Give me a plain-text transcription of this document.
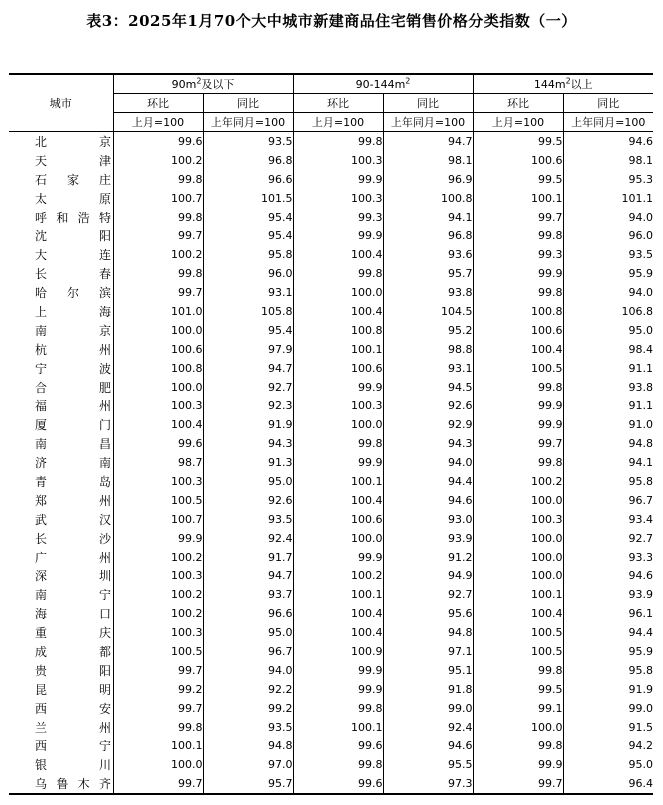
表3：2025年1月70个大中城市新建商品住宅销售价格分类指数（一）
城市	$90m^2$及以下		$90-144m^2$		$144m^2$以上	
	环比	同比	环比	同比	环比	同比
	上月=100	上年同月=100	上月=100	上年同月=100	上月=100	上年同月=100
北京	99.6	93.5	99.8	94.7	99.5	94.6
天津	100.2	96.8	100.3	98.1	100.6	98.1
石家庄	99.8	96.6	99.9	96.9	99.5	95.3
太原	100.7	101.5	100.3	100.8	100.1	101.1
呼和浩特	99.8	95.4	99.3	94.1	99.7	94.0
沈阳	99.7	95.4	99.9	96.8	99.8	96.0
大连	100.2	95.8	100.4	93.6	99.3	93.5
长春	99.8	96.0	99.8	95.7	99.9	95.9
哈尔滨	99.7	93.1	100.0	93.8	99.8	94.0
上海	101.0	105.8	100.4	104.5	100.8	106.8
南京	100.0	95.4	100.8	95.2	100.6	95.0
杭州	100.6	97.9	100.1	98.8	100.4	98.4
宁波	100.8	94.7	100.6	93.1	100.5	91.1
合肥	100.0	92.7	99.9	94.5	99.8	93.8
福州	100.3	92.3	100.3	92.6	99.9	91.1
厦门	100.4	91.9	100.0	92.9	99.9	91.0
南昌	99.6	94.3	99.8	94.3	99.7	94.8
济南	98.7	91.3	99.9	94.0	99.8	94.1
青岛	100.3	95.0	100.1	94.4	100.2	95.8
郑州	100.5	92.6	100.4	94.6	100.0	96.7
武汉	100.7	93.5	100.6	93.0	100.3	93.4
长沙	99.9	92.4	100.0	93.9	100.0	92.7
广州	100.2	91.7	99.9	91.2	100.0	93.3
深圳	100.3	94.7	100.2	94.9	100.0	94.6
南宁	100.2	93.7	100.1	92.7	100.1	93.9
海口	100.2	96.6	100.4	95.6	100.4	96.1
重庆	100.3	95.0	100.4	94.8	100.5	94.4
成都	100.5	96.7	100.9	97.1	100.5	95.9
贵阳	99.7	94.0	99.9	95.1	99.8	95.8
昆明	99.2	92.2	99.9	91.8	99.5	91.9
西安	99.7	99.2	99.8	99.0	99.1	99.0
兰州	99.8	93.5	100.1	92.4	100.0	91.5
西宁	100.1	94.8	99.6	94.6	99.8	94.2
银川	100.0	97.0	99.8	95.5	99.9	95.0
乌鲁木齐	99.7	95.7	99.6	97.3	99.7	96.4
